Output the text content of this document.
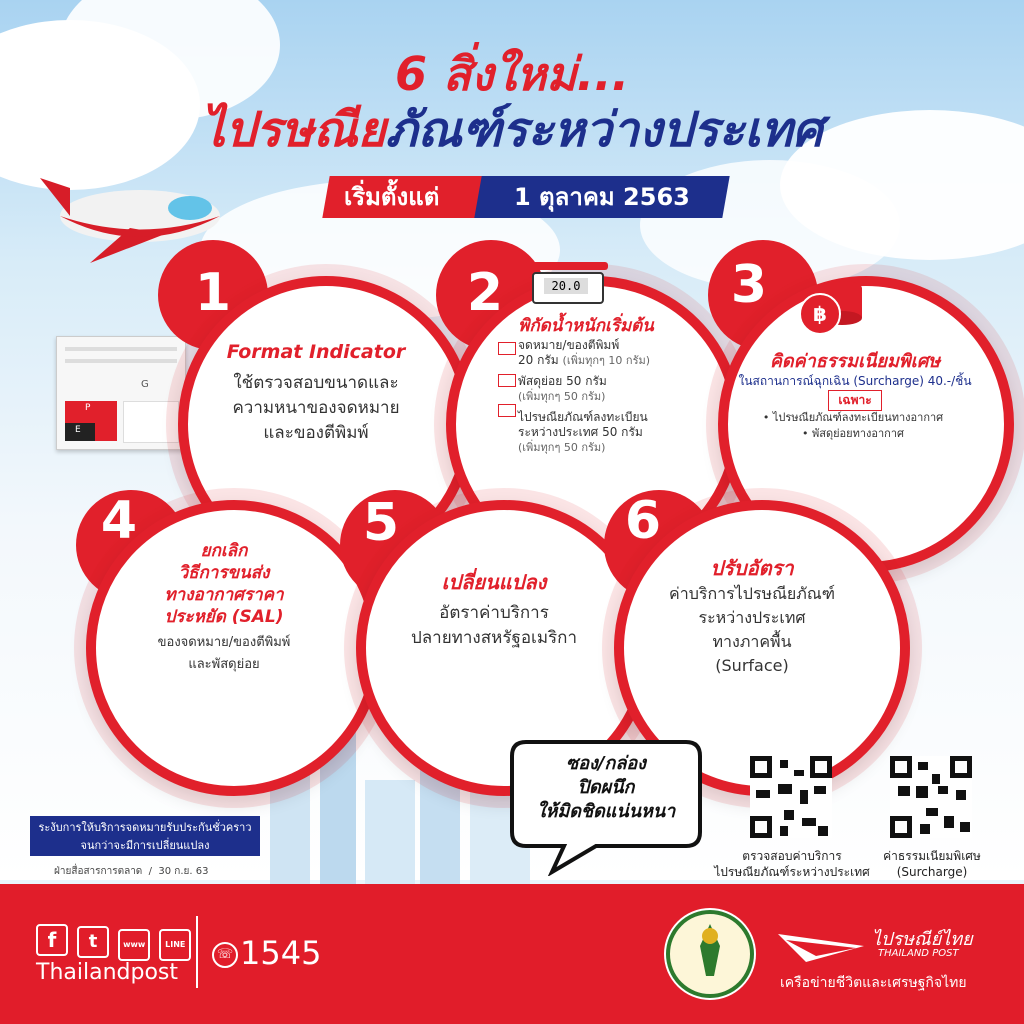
6 สิ่งใหม่...
ไปรษณียภัณฑ์ระหว่างประเทศ
เริ่มตั้งแต่	1 ตุลาคม 2563
G
P
E
1
Format Indicator
ใช้ตรวจสอบขนาดและ
ความหนาของจดหมาย
และของตีพิมพ์
2	20.0
พิกัดน้ำหนักเริ่มต้น
จดหมาย/ของตีพิมพ์
20 กรัม (เพิ่มทุกๆ 10 กรัม)
พัสดุย่อย 50 กรัม
(เพิ่มทุกๆ 50 กรัม)
ไปรษณียภัณฑ์ลงทะเบียน
ระหว่างประเทศ 50 กรัม
(เพิ่มทุกๆ 50 กรัม)
3	฿
คิดค่าธรรมเนียมพิเศษ
ในสถานการณ์ฉุกเฉิน (Surcharge) 40.-/ชิ้น
เฉพาะ
• ไปรษณียภัณฑ์ลงทะเบียนทางอากาศ
• พัสดุย่อยทางอากาศ
4	ยกเลิก
วิธีการขนส่ง
ทางอากาศราคา
ประหยัด (SAL)
ของจดหมาย/ของตีพิมพ์
และพัสดุย่อย
5
เปลี่ยนแปลง
อัตราค่าบริการ
ปลายทางสหรัฐอเมริกา
6
ปรับอัตรา
ค่าบริการไปรษณียภัณฑ์
ระหว่างประเทศ
ทางภาคพื้น
(Surface)
ซอง/กล่อง
ปิดผนึก
ให้มิดชิดแน่นหนา
ตรวจสอบค่าบริการ
ไปรษณียภัณฑ์ระหว่างประเทศ
ค่าธรรมเนียมพิเศษ
(Surcharge)
ระงับการให้บริการจดหมายรับประกันชั่วคราว
จนกว่าจะมีการเปลี่ยนแปลง
ฝ่ายสื่อสารการตลาด  /  30 ก.ย. 63
f t	www LINE
Thailandpost
☏ 1545	ไปรษณีย์ไทย
THAILAND POST
เครือข่ายชีวิตและเศรษฐกิจไทย
